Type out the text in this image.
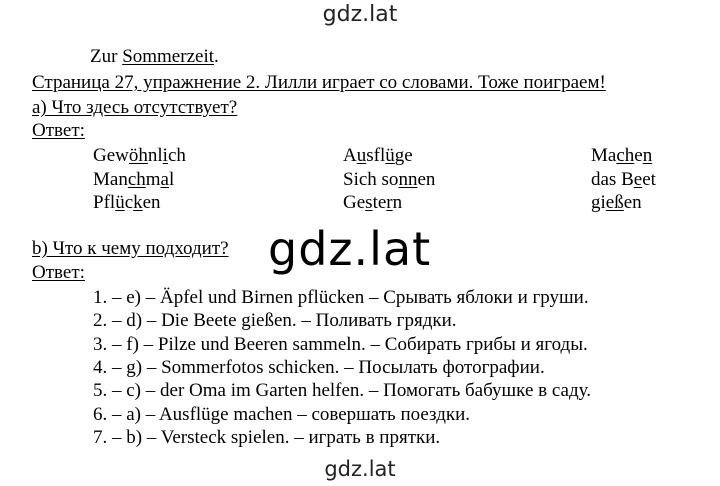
gdz.lat
gdz.lat
gdz.lat
Zur Sommerzeit.
Страница 27, упражнение 2. Лилли играет со словами. Тоже поиграем!
а) Что здесь отсутствует?
Ответ:
Gewöhnlich	Ausflüge	Machen
Manchmal	Sich sonnen	das Beet
Pflücken	Gestern	gießen
b) Что к чему подходит?
Ответ:
1. – e) – Äpfel und Birnen pflücken – Срывать яблоки и груши.
2. – d) – Die Beete gießen. – Поливать грядки.
3. – f) – Pilze und Beeren sammeln. – Собирать грибы и ягоды.
4. – g) – Sommerfotos schicken. – Посылать фотографии.
5. – c) – der Oma im Garten helfen. – Помогать бабушке в саду.
6. – a) – Ausflüge machen – совершать поездки.
7. – b) – Versteck spielen. – играть в прятки.
